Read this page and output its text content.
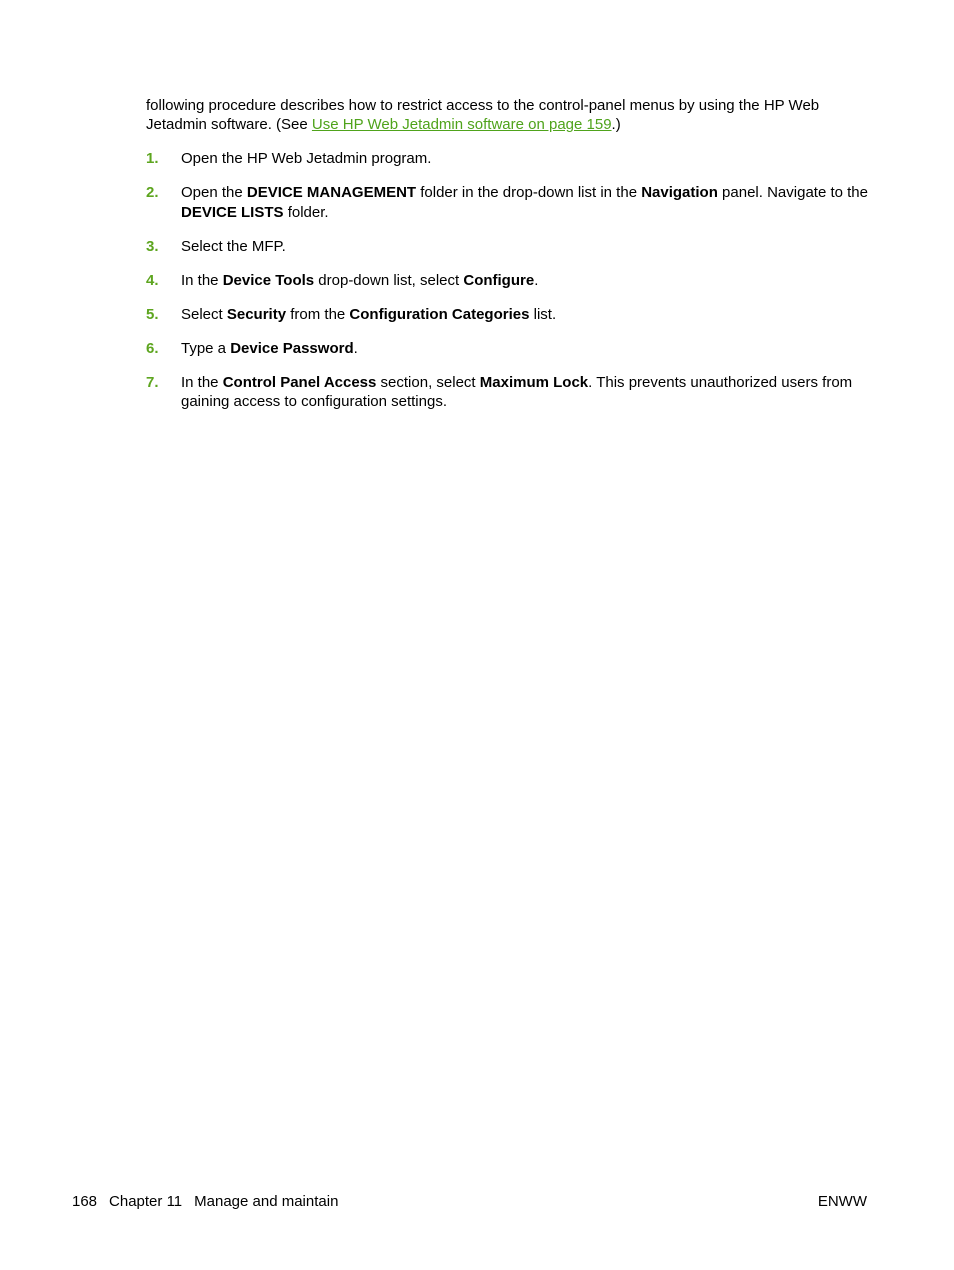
following procedure describes how to restrict access to the control-panel menus by using the HP Web Jetadmin software. (See Use HP Web Jetadmin software on page 159.)
1. Open the HP Web Jetadmin program.
2. Open the DEVICE MANAGEMENT folder in the drop-down list in the Navigation panel. Navigate to the DEVICE LISTS folder.
3. Select the MFP.
4. In the Device Tools drop-down list, select Configure.
5. Select Security from the Configuration Categories list.
6. Type a Device Password.
7. In the Control Panel Access section, select Maximum Lock. This prevents unauthorized users from gaining access to configuration settings.
168 Chapter 11 Manage and maintain	ENWW
